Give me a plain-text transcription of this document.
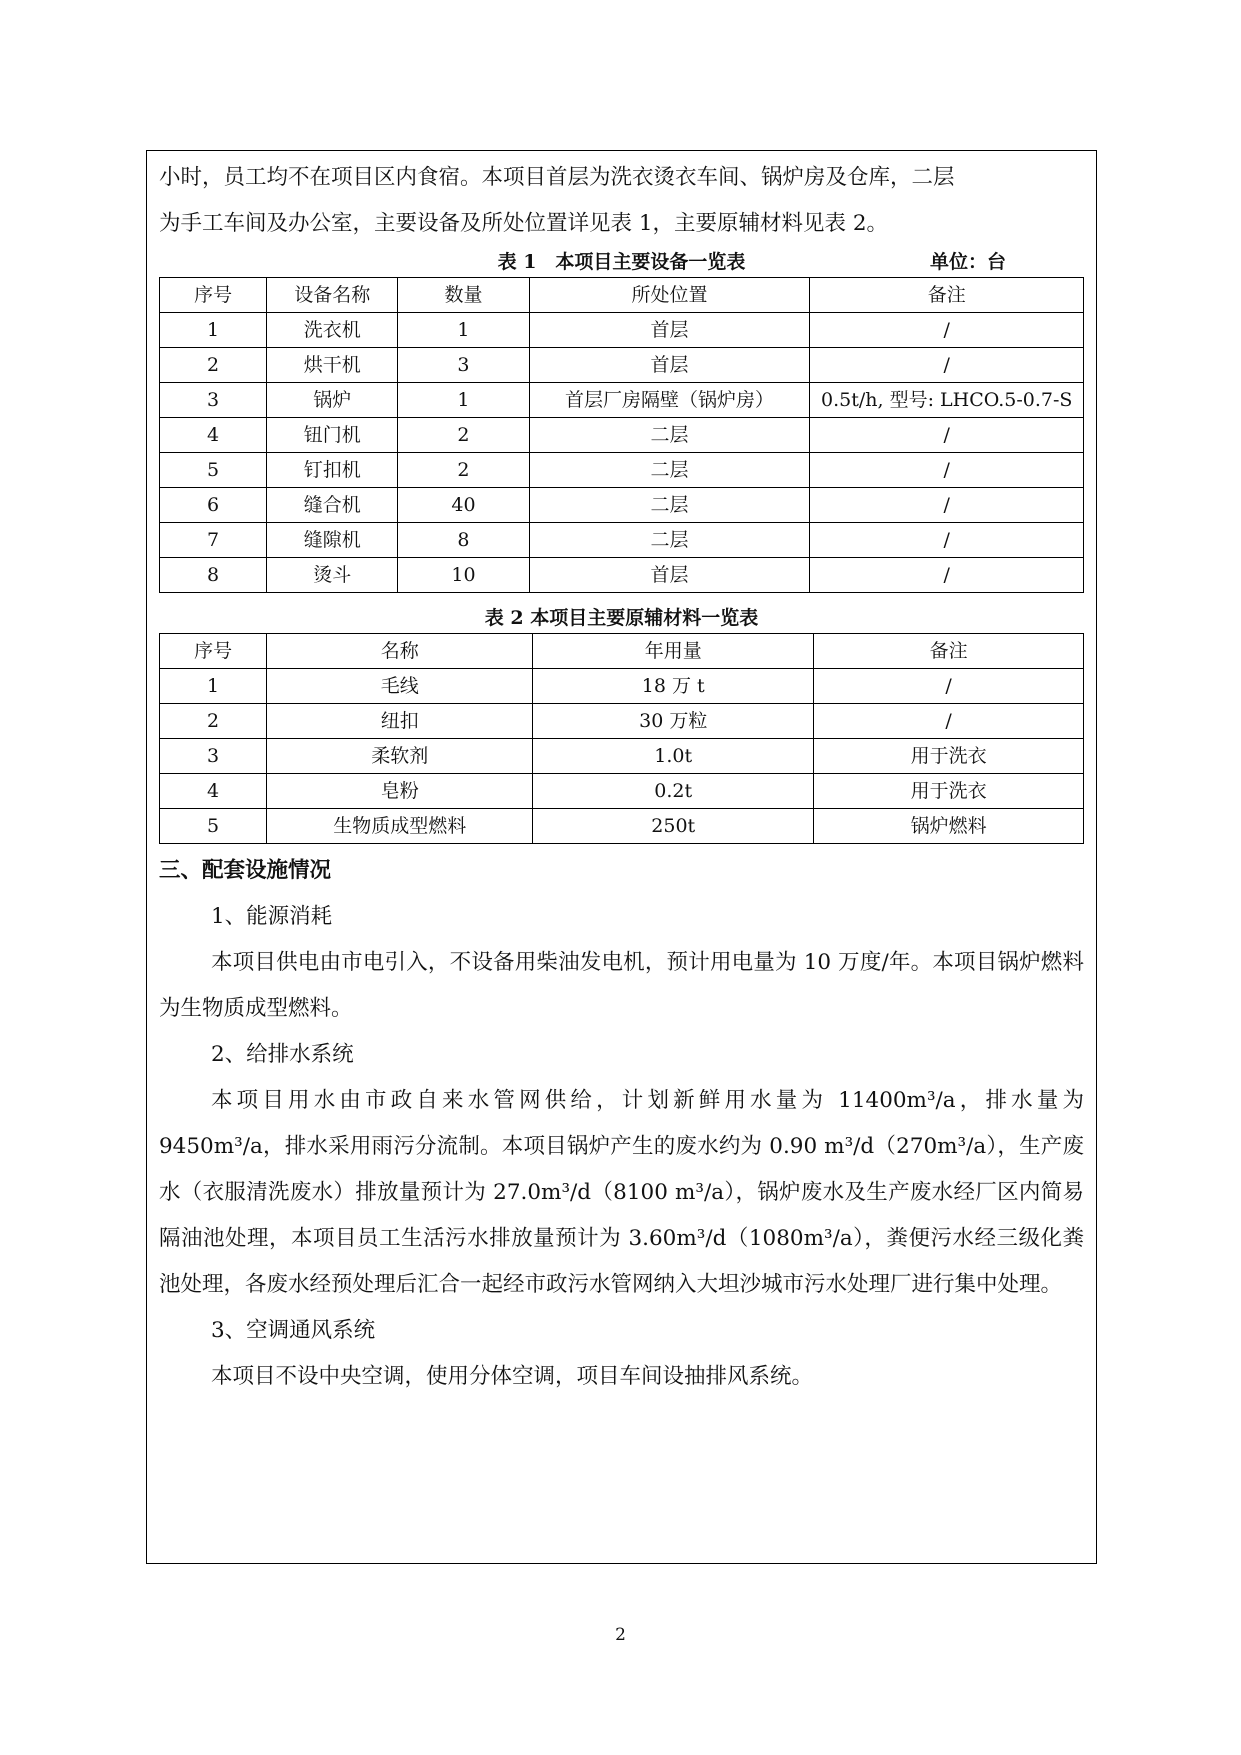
小时，员工均不在项目区内食宿。本项目首层为洗衣烫衣车间、锅炉房及仓库，二层

为手工车间及办公室，主要设备及所处位置详见表 1，主要原辅材料见表 2。

表 1　本项目主要设备一览表	单位：台
序号	设备名称	数量	所处位置	备注
1	洗衣机	1	首层	/
2	烘干机	3	首层	/
3	锅炉	1	首层厂房隔壁（锅炉房）	0.5t/h, 型号: LHCO.5-0.7-S
4	钮门机	2	二层	/
5	钉扣机	2	二层	/
6	缝合机	40	二层	/
7	缝隙机	8	二层	/
8	烫斗	10	首层	/
表 2 本项目主要原辅材料一览表
序号	名称	年用量	备注
1	毛线	18 万 t	/
2	纽扣	30 万粒	/
3	柔软剂	1.0t	用于洗衣
4	皂粉	0.2t	用于洗衣
5	生物质成型燃料	250t	锅炉燃料
三、配套设施情况

1、能源消耗

本项目供电由市电引入，不设备用柴油发电机，预计用电量为 10 万度/年。本项目锅炉燃料为生物质成型燃料。

2、给排水系统

本项目用水由市政自来水管网供给，计划新鲜用水量为 11400m³/a，排水量为 9450m³/a，排水采用雨污分流制。本项目锅炉产生的废水约为 0.90 m³/d（270m³/a），生产废水（衣服清洗废水）排放量预计为 27.0m³/d（8100 m³/a），锅炉废水及生产废水经厂区内简易隔油池处理，本项目员工生活污水排放量预计为 3.60m³/d（1080m³/a），粪便污水经三级化粪池处理，各废水经预处理后汇合一起经市政污水管网纳入大坦沙城市污水处理厂进行集中处理。

3、空调通风系统

本项目不设中央空调，使用分体空调，项目车间设抽排风系统。

2
